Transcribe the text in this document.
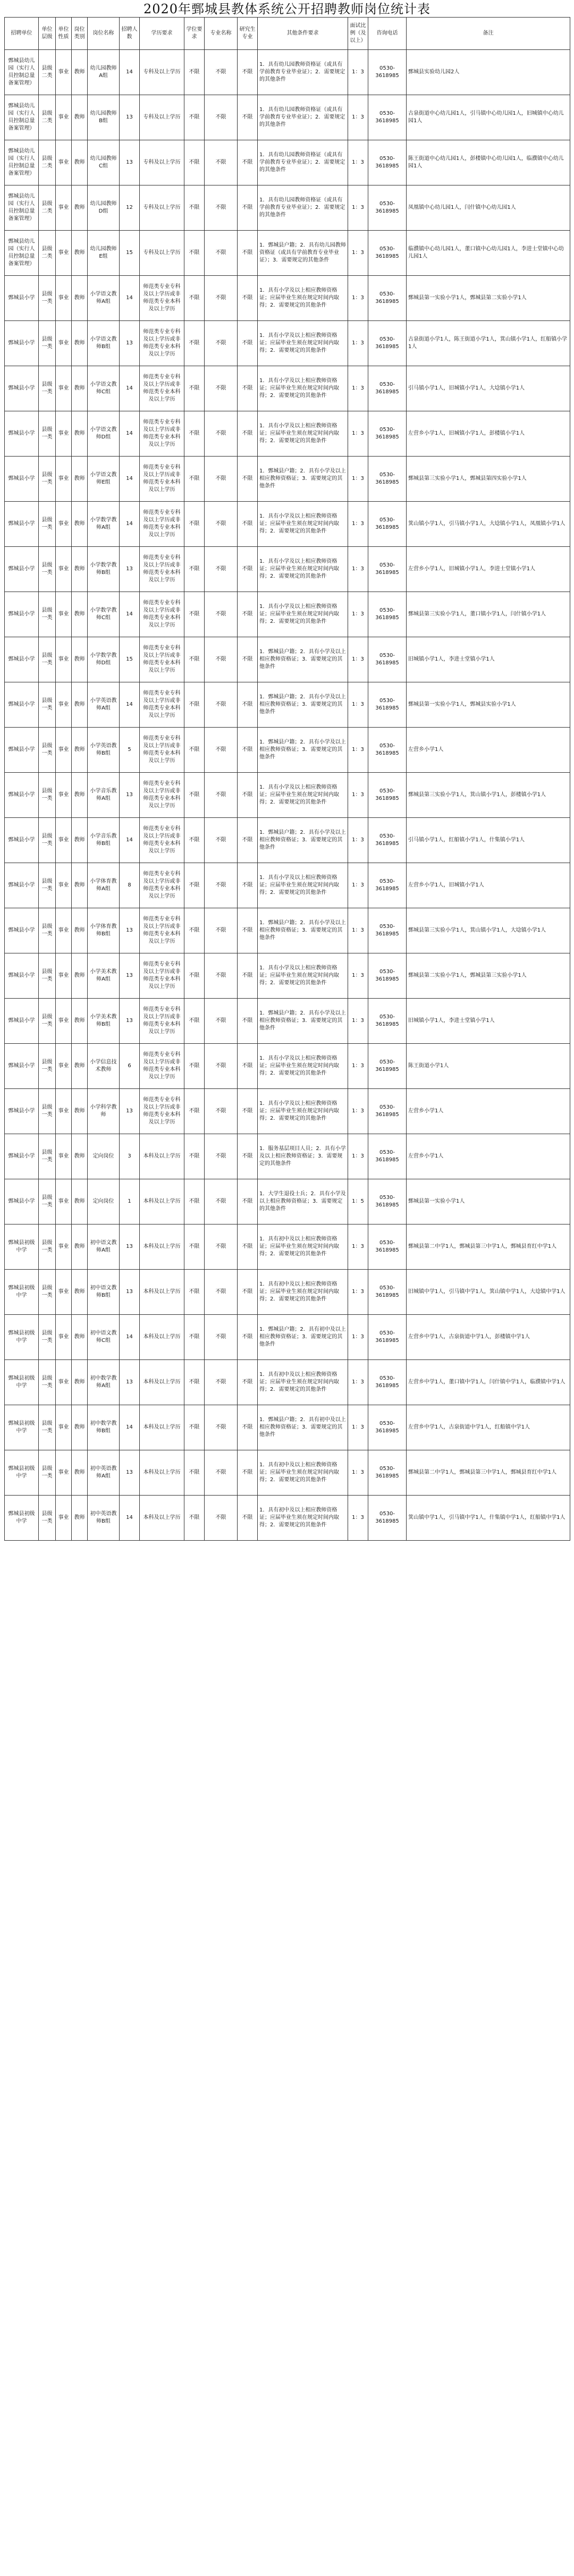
2020年鄄城县教体系统公开招聘教师岗位统计表
招聘单位	单位层级	单位性质	岗位类别	岗位名称	招聘人数	学历要求	学位要求	专业名称	研究生专业	其他条件要求	面试比例（及以上）	咨询电话	备注
鄄城县幼儿园（实行人员控制总量备案管理）	县级二类	事业	教师	幼儿园教师A组	14	专科及以上学历	不限	不限	不限	1．具有幼儿园教师资格证（或具有学前教育专业毕业证）；2．需要规定的其他条件	1：3	0530-3618985	鄄城县实验幼儿园2人
鄄城县幼儿园（实行人员控制总量备案管理）	县级二类	事业	教师	幼儿园教师B组	13	专科及以上学历	不限	不限	不限	1．具有幼儿园教师资格证（或具有学前教育专业毕业证）；2．需要规定的其他条件	1：3	0530-3618985	古泉街道中心幼儿园1人，引马镇中心幼儿园1人，旧城镇中心幼儿园1人
鄄城县幼儿园（实行人员控制总量备案管理）	县级二类	事业	教师	幼儿园教师C组	13	专科及以上学历	不限	不限	不限	1．具有幼儿园教师资格证（或具有学前教育专业毕业证）；2．需要规定的其他条件	1：3	0530-3618985	陈王街道中心幼儿园1人，彭楼镇中心幼儿园1人，临濮镇中心幼儿园1人
鄄城县幼儿园（实行人员控制总量备案管理）	县级二类	事业	教师	幼儿园教师D组	12	专科及以上学历	不限	不限	不限	1．具有幼儿园教师资格证（或具有学前教育专业毕业证）；2．需要规定的其他条件	1：3	0530-3618985	凤凰镇中心幼儿园1人，闫什镇中心幼儿园1人
鄄城县幼儿园（实行人员控制总量备案管理）	县级二类	事业	教师	幼儿园教师E组	15	专科及以上学历	不限	不限	不限	1．鄄城县户籍；2．具有幼儿园教师资格证（或具有学前教育专业毕业证）；3．需要规定的其他条件	1：3	0530-3618985	临濮镇中心幼儿园1人，董口镇中心幼儿园1人，李进士堂镇中心幼儿园1人
鄄城县小学	县级一类	事业	教师	小学语文教师A组	14	师范类专业专科及以上学历或非师范类专业本科及以上学历	不限	不限	不限	1．具有小学及以上相应教师资格证；应届毕业生须在规定时间内取得；2．需要规定的其他条件	1：3	0530-3618985	鄄城县第一实验小学1人，鄄城县第二实验小学1人
鄄城县小学	县级一类	事业	教师	小学语文教师B组	13	师范类专业专科及以上学历或非师范类专业本科及以上学历	不限	不限	不限	1．具有小学及以上相应教师资格证；应届毕业生须在规定时间内取得；2．需要规定的其他条件	1：3	0530-3618985	古泉街道小学1人，陈王街道小学1人，箕山镇小学1人，红船镇小学1人
鄄城县小学	县级一类	事业	教师	小学语文教师C组	14	师范类专业专科及以上学历或非师范类专业本科及以上学历	不限	不限	不限	1．具有小学及以上相应教师资格证；应届毕业生须在规定时间内取得；2．需要规定的其他条件	1：3	0530-3618985	引马镇小学1人，旧城镇小学1人，大埝镇小学1人
鄄城县小学	县级一类	事业	教师	小学语文教师D组	14	师范类专业专科及以上学历或非师范类专业本科及以上学历	不限	不限	不限	1．具有小学及以上相应教师资格证；应届毕业生须在规定时间内取得；2．需要规定的其他条件	1：3	0530-3618985	左营乡小学1人，旧城镇小学1人，彭楼镇小学1人
鄄城县小学	县级一类	事业	教师	小学语文教师E组	14	师范类专业专科及以上学历或非师范类专业本科及以上学历	不限	不限	不限	1．鄄城县户籍；2．具有小学及以上相应教师资格证；3．需要规定的其他条件	1：3	0530-3618985	鄄城县第三实验小学1人，鄄城县第四实验小学1人
鄄城县小学	县级一类	事业	教师	小学数学教师A组	14	师范类专业专科及以上学历或非师范类专业本科及以上学历	不限	不限	不限	1．具有小学及以上相应教师资格证；应届毕业生须在规定时间内取得；2．需要规定的其他条件	1：3	0530-3618985	箕山镇小学1人，引马镇小学1人，大埝镇小学1人，凤凰镇小学1人
鄄城县小学	县级一类	事业	教师	小学数学教师B组	13	师范类专业专科及以上学历或非师范类专业本科及以上学历	不限	不限	不限	1．具有小学及以上相应教师资格证；应届毕业生须在规定时间内取得；2．需要规定的其他条件	1：3	0530-3618985	左营乡小学1人，旧城镇小学1人，李进士堂镇小学1人
鄄城县小学	县级一类	事业	教师	小学数学教师C组	14	师范类专业专科及以上学历或非师范类专业本科及以上学历	不限	不限	不限	1．具有小学及以上相应教师资格证；应届毕业生须在规定时间内取得；2．需要规定的其他条件	1：3	0530-3618985	鄄城县第三实验小学1人，董口镇小学1人，闫什镇小学1人
鄄城县小学	县级一类	事业	教师	小学数学教师D组	15	师范类专业专科及以上学历或非师范类专业本科及以上学历	不限	不限	不限	1．鄄城县户籍；2．具有小学及以上相应教师资格证；3．需要规定的其他条件	1：3	0530-3618985	旧城镇小学1人，李进士堂镇小学1人
鄄城县小学	县级一类	事业	教师	小学英语教师A组	14	师范类专业专科及以上学历或非师范类专业本科及以上学历	不限	不限	不限	1．鄄城县户籍；2．具有小学及以上相应教师资格证；3．需要规定的其他条件	1：3	0530-3618985	鄄城县第一实验小学1人，鄄城县实验小学1人
鄄城县小学	县级一类	事业	教师	小学英语教师B组	5	师范类专业专科及以上学历或非师范类专业本科及以上学历	不限	不限	不限	1．鄄城县户籍；2．具有小学及以上相应教师资格证；3．需要规定的其他条件	1：3	0530-3618985	左营乡小学1人
鄄城县小学	县级一类	事业	教师	小学音乐教师A组	13	师范类专业专科及以上学历或非师范类专业本科及以上学历	不限	不限	不限	1．具有小学及以上相应教师资格证；应届毕业生须在规定时间内取得；2．需要规定的其他条件	1：3	0530-3618985	鄄城县第三实验小学1人，箕山镇小学1人，彭楼镇小学1人
鄄城县小学	县级一类	事业	教师	小学音乐教师B组	14	师范类专业专科及以上学历或非师范类专业本科及以上学历	不限	不限	不限	1．鄄城县户籍；2．具有小学及以上相应教师资格证；3．需要规定的其他条件	1：3	0530-3618985	引马镇小学1人，红船镇小学1人，什集镇小学1人
鄄城县小学	县级一类	事业	教师	小学体育教师A组	8	师范类专业专科及以上学历或非师范类专业本科及以上学历	不限	不限	不限	1．具有小学及以上相应教师资格证；应届毕业生须在规定时间内取得；2．需要规定的其他条件	1：3	0530-3618985	左营乡小学1人，旧城镇小学1人
鄄城县小学	县级一类	事业	教师	小学体育教师B组	13	师范类专业专科及以上学历或非师范类专业本科及以上学历	不限	不限	不限	1．鄄城县户籍；2．具有小学及以上相应教师资格证；3．需要规定的其他条件	1：3	0530-3618985	鄄城县第三实验小学1人，箕山镇小学1人，大埝镇小学1人
鄄城县小学	县级一类	事业	教师	小学美术教师A组	13	师范类专业专科及以上学历或非师范类专业本科及以上学历	不限	不限	不限	1．具有小学及以上相应教师资格证；应届毕业生须在规定时间内取得；2．需要规定的其他条件	1：3	0530-3618985	鄄城县第二实验小学1人，鄄城县第三实验小学1人
鄄城县小学	县级一类	事业	教师	小学美术教师B组	13	师范类专业专科及以上学历或非师范类专业本科及以上学历	不限	不限	不限	1．鄄城县户籍；2．具有小学及以上相应教师资格证；3．需要规定的其他条件	1：3	0530-3618985	旧城镇小学1人，李进士堂镇小学1人
鄄城县小学	县级一类	事业	教师	小学信息技术教师	6	师范类专业专科及以上学历或非师范类专业本科及以上学历	不限	不限	不限	1．具有小学及以上相应教师资格证；应届毕业生须在规定时间内取得；2．需要规定的其他条件	1：3	0530-3618985	陈王街道小学1人
鄄城县小学	县级一类	事业	教师	小学科学教师	13	师范类专业专科及以上学历或非师范类专业本科及以上学历	不限	不限	不限	1．具有小学及以上相应教师资格证；应届毕业生须在规定时间内取得；2．需要规定的其他条件	1：3	0530-3618985	左营乡小学1人
鄄城县小学	县级一类	事业	教师	定向岗位	3	本科及以上学历	不限	不限	不限	1．服务基层项目人员；2．具有小学及以上相应教师资格证；3．需要规定的其他条件	1：3	0530-3618985	左营乡小学1人
鄄城县小学	县级一类	事业	教师	定向岗位	1	本科及以上学历	不限	不限	不限	1．大学生退役士兵；2．具有小学及以上相应教师资格证；3．需要规定的其他条件	1：5	0530-3618985	鄄城县第一实验小学1人
鄄城县初级中学	县级一类	事业	教师	初中语文教师A组	13	本科及以上学历	不限	不限	不限	1．具有初中及以上相应教师资格证；应届毕业生须在规定时间内取得；2．需要规定的其他条件	1：3	0530-3618985	鄄城县第二中学1人，鄄城县第三中学1人，鄄城县育红中学1人
鄄城县初级中学	县级一类	事业	教师	初中语文教师B组	13	本科及以上学历	不限	不限	不限	1．具有初中及以上相应教师资格证；应届毕业生须在规定时间内取得；2．需要规定的其他条件	1：3	0530-3618985	旧城镇中学1人，引马镇中学1人，箕山镇中学1人，大埝镇中学1人
鄄城县初级中学	县级一类	事业	教师	初中语文教师C组	14	本科及以上学历	不限	不限	不限	1．鄄城县户籍；2．具有初中及以上相应教师资格证；3．需要规定的其他条件	1：3	0530-3618985	左营乡中学1人，古泉街道中学1人，彭楼镇中学1人
鄄城县初级中学	县级一类	事业	教师	初中数学教师A组	13	本科及以上学历	不限	不限	不限	1．具有初中及以上相应教师资格证；应届毕业生须在规定时间内取得；2．需要规定的其他条件	1：3	0530-3618985	左营乡中学1人，董口镇中学1人，闫什镇中学1人，临濮镇中学1人
鄄城县初级中学	县级一类	事业	教师	初中数学教师B组	14	本科及以上学历	不限	不限	不限	1．鄄城县户籍；2．具有初中及以上相应教师资格证；3．需要规定的其他条件	1：3	0530-3618985	左营乡中学1人，古泉街道中学1人，红船镇中学1人
鄄城县初级中学	县级一类	事业	教师	初中英语教师A组	13	本科及以上学历	不限	不限	不限	1．具有初中及以上相应教师资格证；应届毕业生须在规定时间内取得；2．需要规定的其他条件	1：3	0530-3618985	鄄城县第二中学1人，鄄城县第三中学1人，鄄城县育红中学1人
鄄城县初级中学	县级一类	事业	教师	初中英语教师B组	14	本科及以上学历	不限	不限	不限	1．具有初中及以上相应教师资格证；应届毕业生须在规定时间内取得；2．需要规定的其他条件	1：3	0530-3618985	箕山镇中学1人，引马镇中学1人，什集镇中学1人，红船镇中学1人
